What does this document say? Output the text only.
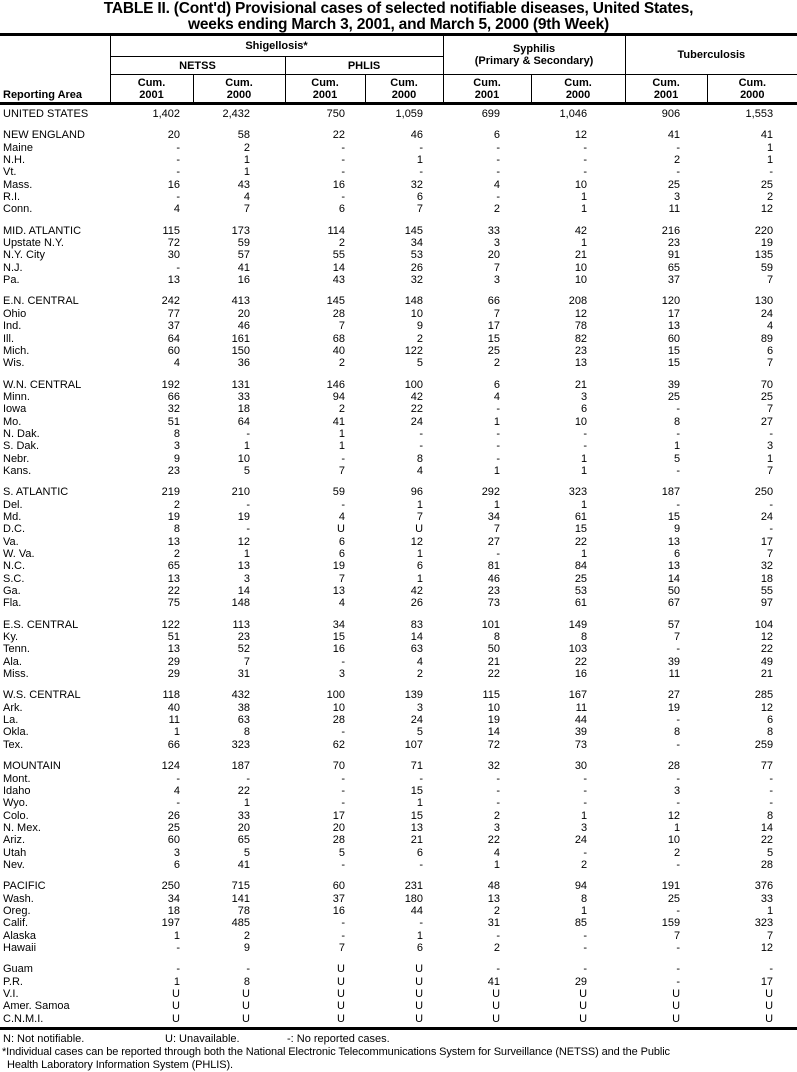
TABLE II. (Cont'd) Provisional cases of selected notifiable diseases, United States,
weeks ending March 3, 2001, and March 5, 2000 (9th Week)
Reporting Area	Shigellosis*				Syphilis
(Primary & Secondary)		Tuberculosis	
	NETSS		PHLIS					

Cum.
2001

Cum.
2000

Cum.
2001

Cum.
2000

Cum.
2001

Cum.
2000

Cum.
2001

Cum.
2000

UNITED STATES	1,402	2,432	750	1,059	699	1,046	906	1,553
NEW ENGLAND	20	58	22	46	6	12	41	41
Maine	-	2	-	-	-	-	-	1
N.H.	-	1	-	1	-	-	2	1
Vt.	-	1	-	-	-	-	-	-
Mass.	16	43	16	32	4	10	25	25
R.I.	-	4	-	6	-	1	3	2
Conn.	4	7	6	7	2	1	11	12
MID. ATLANTIC	115	173	114	145	33	42	216	220
Upstate N.Y.	72	59	2	34	3	1	23	19
N.Y. City	30	57	55	53	20	21	91	135
N.J.	-	41	14	26	7	10	65	59
Pa.	13	16	43	32	3	10	37	7
E.N. CENTRAL	242	413	145	148	66	208	120	130
Ohio	77	20	28	10	7	12	17	24
Ind.	37	46	7	9	17	78	13	4
Ill.	64	161	68	2	15	82	60	89
Mich.	60	150	40	122	25	23	15	6
Wis.	4	36	2	5	2	13	15	7
W.N. CENTRAL	192	131	146	100	6	21	39	70
Minn.	66	33	94	42	4	3	25	25
Iowa	32	18	2	22	-	6	-	7
Mo.	51	64	41	24	1	10	8	27
N. Dak.	8	-	1	-	-	-	-	-
S. Dak.	3	1	1	-	-	-	1	3
Nebr.	9	10	-	8	-	1	5	1
Kans.	23	5	7	4	1	1	-	7
S. ATLANTIC	219	210	59	96	292	323	187	250
Del.	2	-	-	1	1	1	-	-
Md.	19	19	4	7	34	61	15	24
D.C.	8	-	U	U	7	15	9	-
Va.	13	12	6	12	27	22	13	17
W. Va.	2	1	6	1	-	1	6	7
N.C.	65	13	19	6	81	84	13	32
S.C.	13	3	7	1	46	25	14	18
Ga.	22	14	13	42	23	53	50	55
Fla.	75	148	4	26	73	61	67	97
E.S. CENTRAL	122	113	34	83	101	149	57	104
Ky.	51	23	15	14	8	8	7	12
Tenn.	13	52	16	63	50	103	-	22
Ala.	29	7	-	4	21	22	39	49
Miss.	29	31	3	2	22	16	11	21
W.S. CENTRAL	118	432	100	139	115	167	27	285
Ark.	40	38	10	3	10	11	19	12
La.	11	63	28	24	19	44	-	6
Okla.	1	8	-	5	14	39	8	8
Tex.	66	323	62	107	72	73	-	259
MOUNTAIN	124	187	70	71	32	30	28	77
Mont.	-	-	-	-	-	-	-	-
Idaho	4	22	-	15	-	-	3	-
Wyo.	-	1	-	1	-	-	-	-
Colo.	26	33	17	15	2	1	12	8
N. Mex.	25	20	20	13	3	3	1	14
Ariz.	60	65	28	21	22	24	10	22
Utah	3	5	5	6	4	-	2	5
Nev.	6	41	-	-	1	2	-	28
PACIFIC	250	715	60	231	48	94	191	376
Wash.	34	141	37	180	13	8	25	33
Oreg.	18	78	16	44	2	1	-	1
Calif.	197	485	-	-	31	85	159	323
Alaska	1	2	-	1	-	-	7	7
Hawaii	-	9	7	6	2	-	-	12
Guam	-	-	U	U	-	-	-	-
P.R.	1	8	U	U	41	29	-	17
V.I.	U	U	U	U	U	U	U	U
Amer. Samoa	U	U	U	U	U	U	U	U
C.N.M.I.	U	U	U	U	U	U	U	U
N: Not notifiable.	U: Unavailable.	-: No reported cases.
*Individual cases can be reported through both the National Electronic Telecommunications System for Surveillance (NETSS) and the Public
Health Laboratory Information System (PHLIS).
